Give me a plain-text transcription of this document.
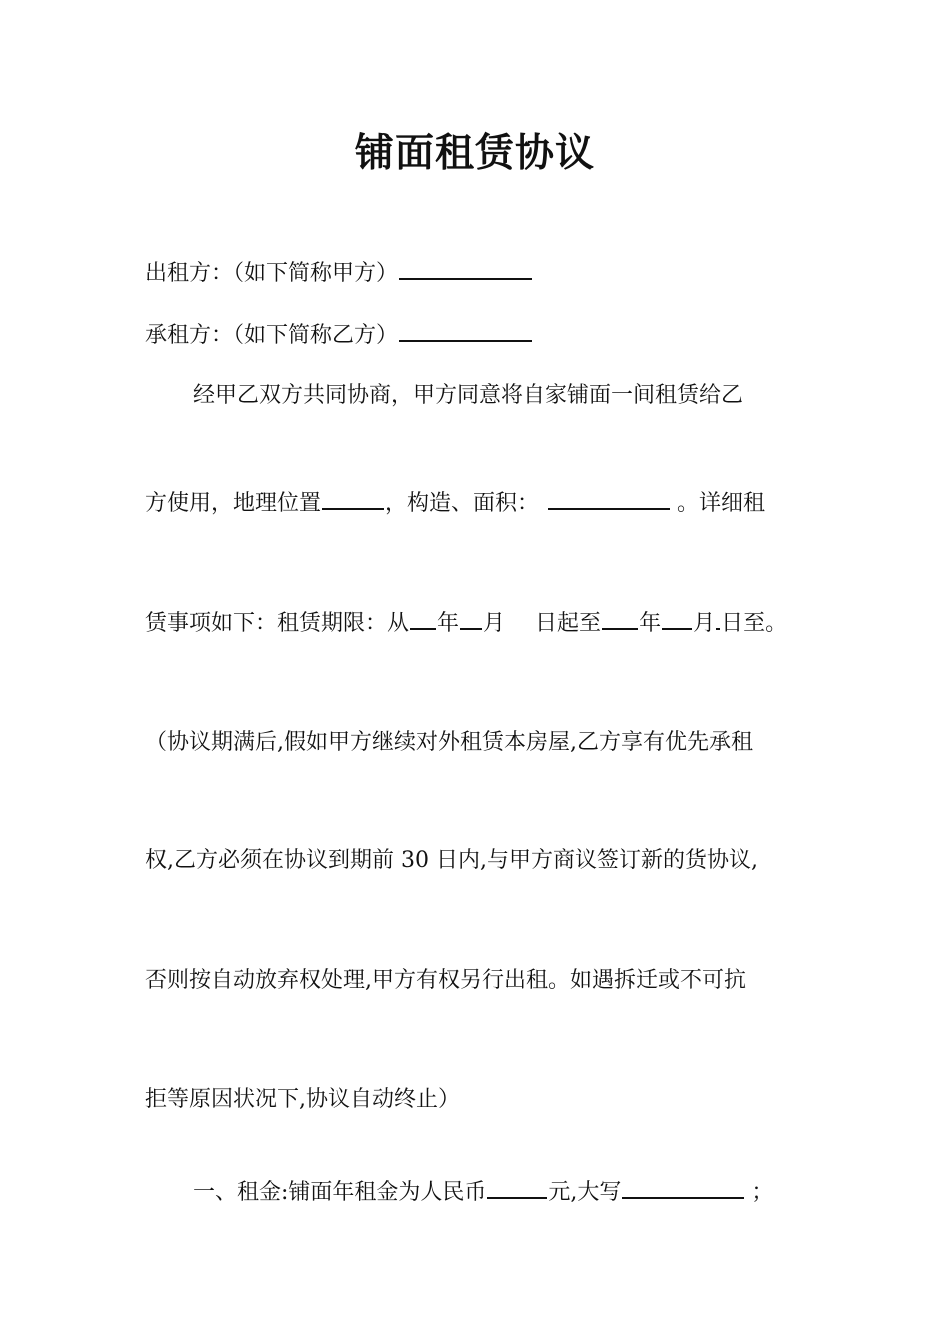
铺面租赁协议
出租方：（如下简称甲方）
承租方：（如下简称乙方）
经甲乙双方共同协商，甲方同意将自家铺面一间租赁给乙
方使用，地理位置	，构造、面积：	。详细租
赁事项如下：租赁期限：从 年 月 日起至 年 月 日至。
（协议期满后,假如甲方继续对外租赁本房屋,乙方享有优先承租
权,乙方必须在协议到期前 30 日内,与甲方商议签订新的货协议,
否则按自动放弃权处理,甲方有权另行出租。如遇拆迁或不可抗
拒等原因状况下,协议自动终止）
一、租金:铺面年租金为人民币	元,大写	；
